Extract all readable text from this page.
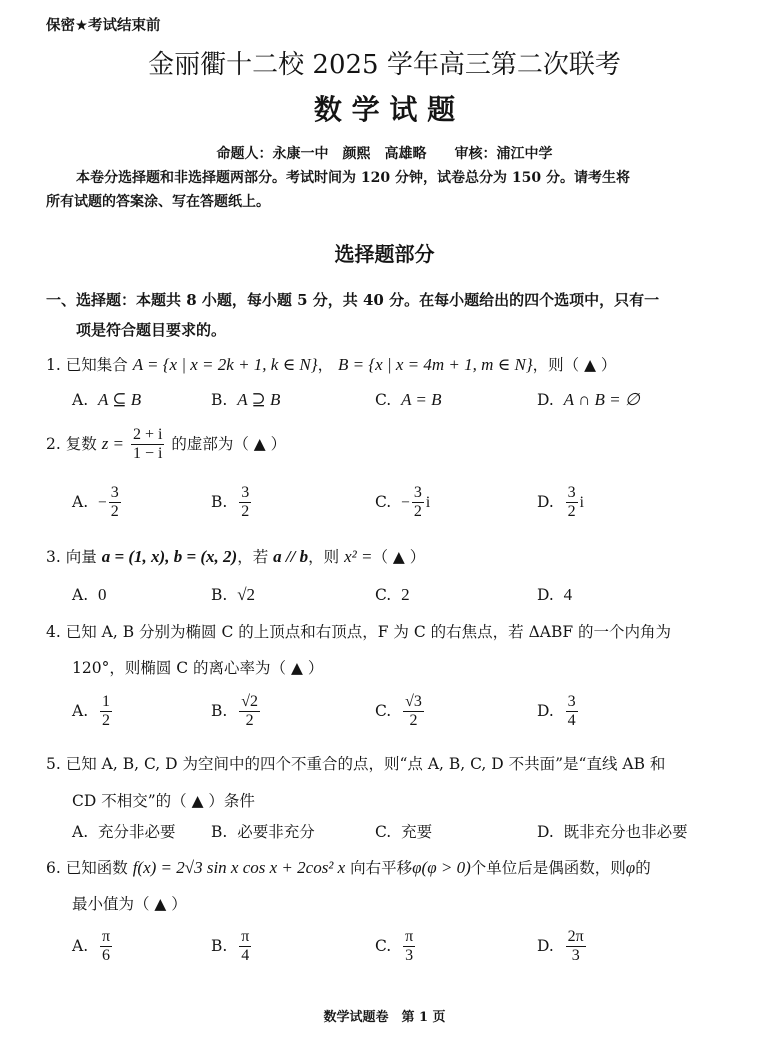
保密★考试结束前
金丽衢十二校 2025 学年高三第二次联考
数 学 试 题
命题人：永康一中　颜熙　高雄略　　审核：浦江中学
本卷分选择题和非选择题两部分。考试时间为 120 分钟，试卷总分为 150 分。请考生将
所有试题的答案涂、写在答题纸上。
选择题部分
一、选择题：本题共 8 小题，每小题 5 分，共 40 分。在每小题给出的四个选项中，只有一
项是符合题目要求的。
1. 已知集合 A = {x | x = 2k + 1, k ∈ N}， B = {x | x = 4m + 1, m ∈ N}，则（ ▲ ）
A. A ⊆ B	B. A ⊇ B	C. A = B	D. A ∩ B = ∅
2. 复数 $z = \frac{2 + i}{1 - i}$ 的虚部为（ ▲ ）
A. − $\frac{3}{2}$	B. $\frac{3}{2}$	C. − $\frac{3}{2}$ i	D. $\frac{3}{2}$ i
3. 向量 a = (1, x), b = (x, 2)，若 a // b，则 x² =（ ▲ ）
A. 0	B. √2	C. 2	D. 4
4. 已知 A, B 分别为椭圆 C 的上顶点和右顶点，F 为 C 的右焦点，若 ΔABF 的一个内角为
120°，则椭圆 C 的离心率为（ ▲ ）
A. $\frac{1}{2}$	B. $\frac{√2}{2}$	C. $\frac{√3}{2}$	D. $\frac{3}{4}$
5. 已知 A, B, C, D 为空间中的四个不重合的点，则“点 A, B, C, D 不共面”是“直线 AB 和
CD 不相交”的（ ▲ ）条件
A. 充分非必要 B. 必要非充分	C. 充要	D. 既非充分也非必要
6. 已知函数 f(x) = 2√3 sin x cos x + 2cos² x 向右平移φ(φ > 0)个单位后是偶函数，则φ的
最小值为（ ▲ ）
A. $\frac{\pi}{6}$	B. $\frac{\pi}{4}$	C. $\frac{\pi}{3}$	D. $\frac{2\pi}{3}$
数学试题卷　第 1 页
